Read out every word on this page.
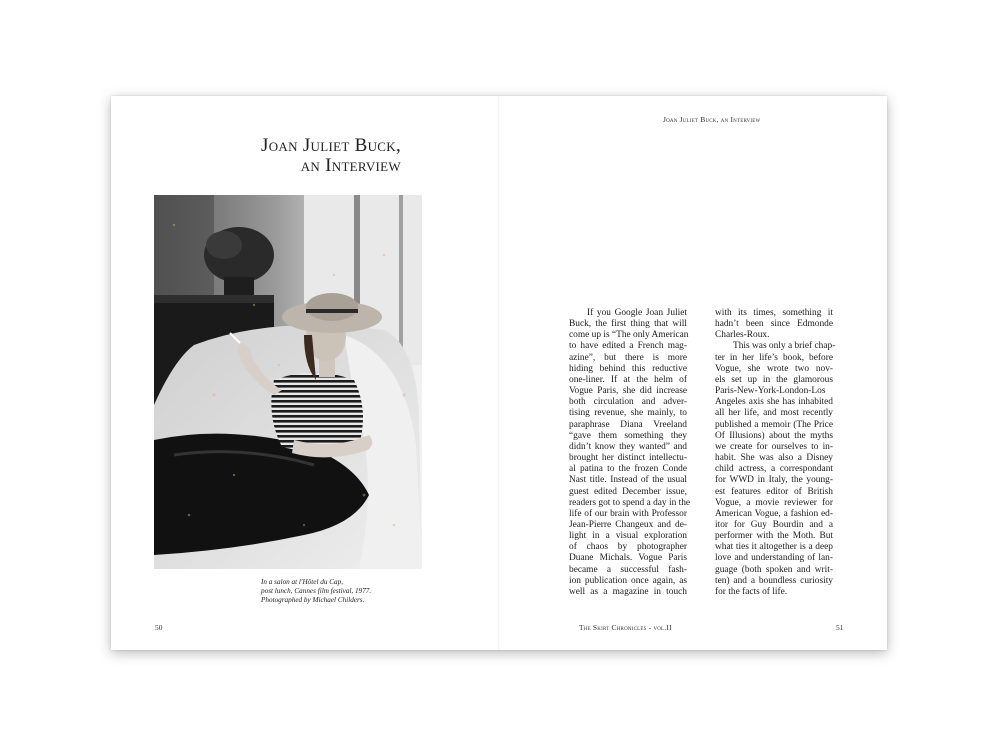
Joan Juliet Buck,
an Interview
In a salon at l'Hôtel du Cap,
post lunch, Cannes film festival, 1977.
Photographed by Michael Childers.
50
Joan Juliet Buck, an Interview
If you Google Joan Juliet
Buck, the first thing that will
come up is “The only American
to have edited a French mag-
azine”, but there is more
hiding behind this reductive
one-liner. If at the helm of
Vogue Paris, she did increase
both circulation and adver-
tising revenue, she mainly, to
paraphrase Diana Vreeland
“gave them something they
didn’t know they wanted” and
brought her distinct intellectu-
al patina to the frozen Conde
Nast title. Instead of the usual
guest edited December issue,
readers got to spend a day in the
life of our brain with Professor
Jean-Pierre Changeux and de-
light in a visual exploration
of chaos by photographer
Duane Michals. Vogue Paris
became a successful fash-
ion publication once again, as
well as a magazine in touch
with its times, something it
hadn’t been since Edmonde
Charles-Roux.
This was only a brief chap-
ter in her life’s book, before
Vogue, she wrote two nov-
els set up in the glamorous
Paris-New-York-London-Los
Angeles axis she has inhabited
all her life, and most recently
published a memoir (The Price
Of Illusions) about the myths
we create for ourselves to in-
habit. She was also a Disney
child actress, a correspondant
for WWD in Italy, the young-
est features editor of British
Vogue, a movie reviewer for
American Vogue, a fashion ed-
itor for Guy Bourdin and a
performer with the Moth. But
what ties it altogether is a deep
love and understanding of lan-
guage (both spoken and writ-
ten) and a boundless curiosity
for the facts of life.
The Skirt Chronicles - vol.II	51
